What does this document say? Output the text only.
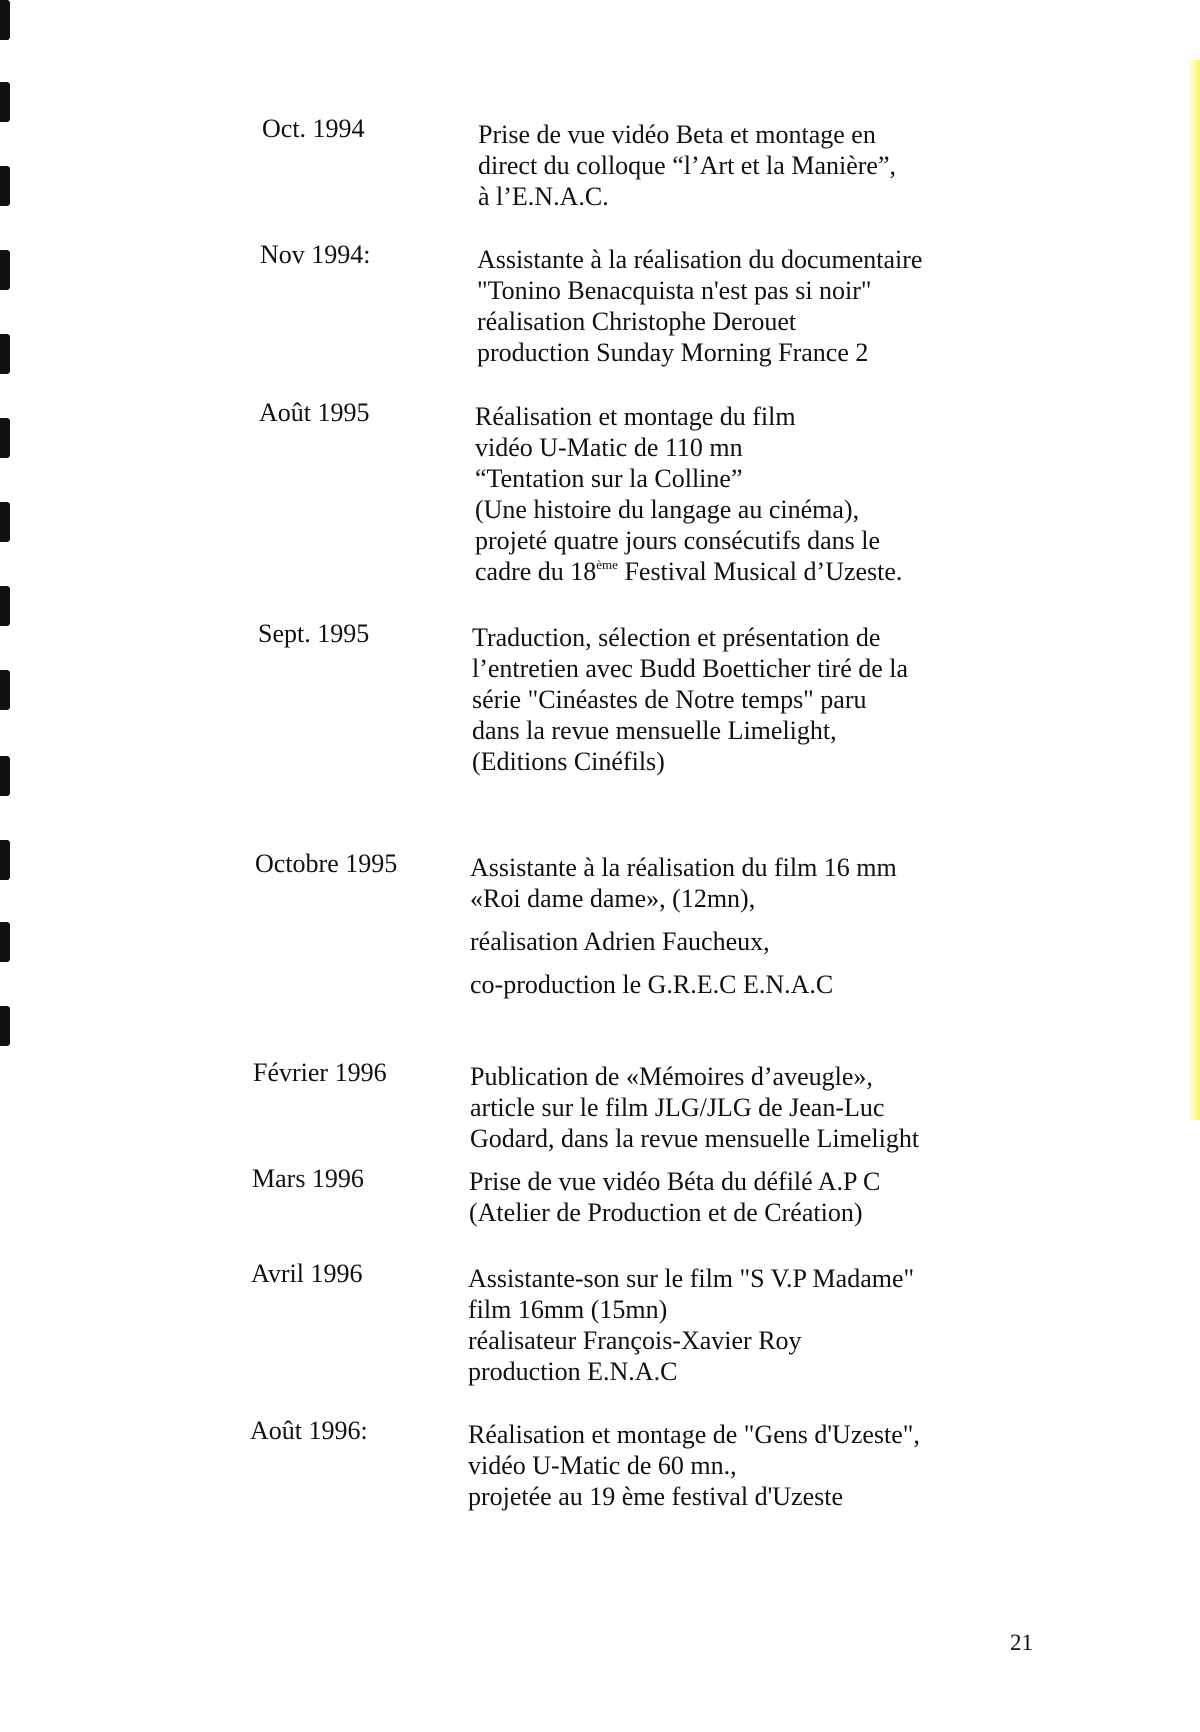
Oct. 1994	Prise de vue vidéo Beta et montage en
direct du colloque “l’Art et la Manière”,
à l’E.N.A.C.
Nov 1994:	Assistante à la réalisation du documentaire
"Tonino Benacquista n'est pas si noir"
réalisation Christophe Derouet
production Sunday Morning France 2
Août 1995	Réalisation et montage du film
vidéo U-Matic de 110 mn
“Tentation sur la Colline”
(Une histoire du langage au cinéma),
projeté quatre jours consécutifs dans le
cadre du 18ème Festival Musical d’Uzeste.
Sept. 1995	Traduction, sélection et présentation de
l’entretien avec Budd Boetticher tiré de la
série "Cinéastes de Notre temps" paru
dans la revue mensuelle Limelight,
(Editions Cinéfils)
Octobre 1995	Assistante à la réalisation du film 16 mm
«Roi dame dame», (12mn),
réalisation Adrien Faucheux,
co-production le G.R.E.C E.N.A.C
Février 1996	Publication de «Mémoires d’aveugle»,
article sur le film JLG/JLG de Jean-Luc
Godard, dans la revue mensuelle Limelight
Mars 1996	Prise de vue vidéo Béta du défilé A.P C
(Atelier de Production et de Création)
Avril 1996	Assistante-son sur le film "S V.P Madame"
film 16mm (15mn)
réalisateur François-Xavier Roy
production E.N.A.C
Août 1996:	Réalisation et montage de "Gens d'Uzeste",
vidéo U-Matic de 60 mn.,
projetée au 19 ème festival d'Uzeste
21
